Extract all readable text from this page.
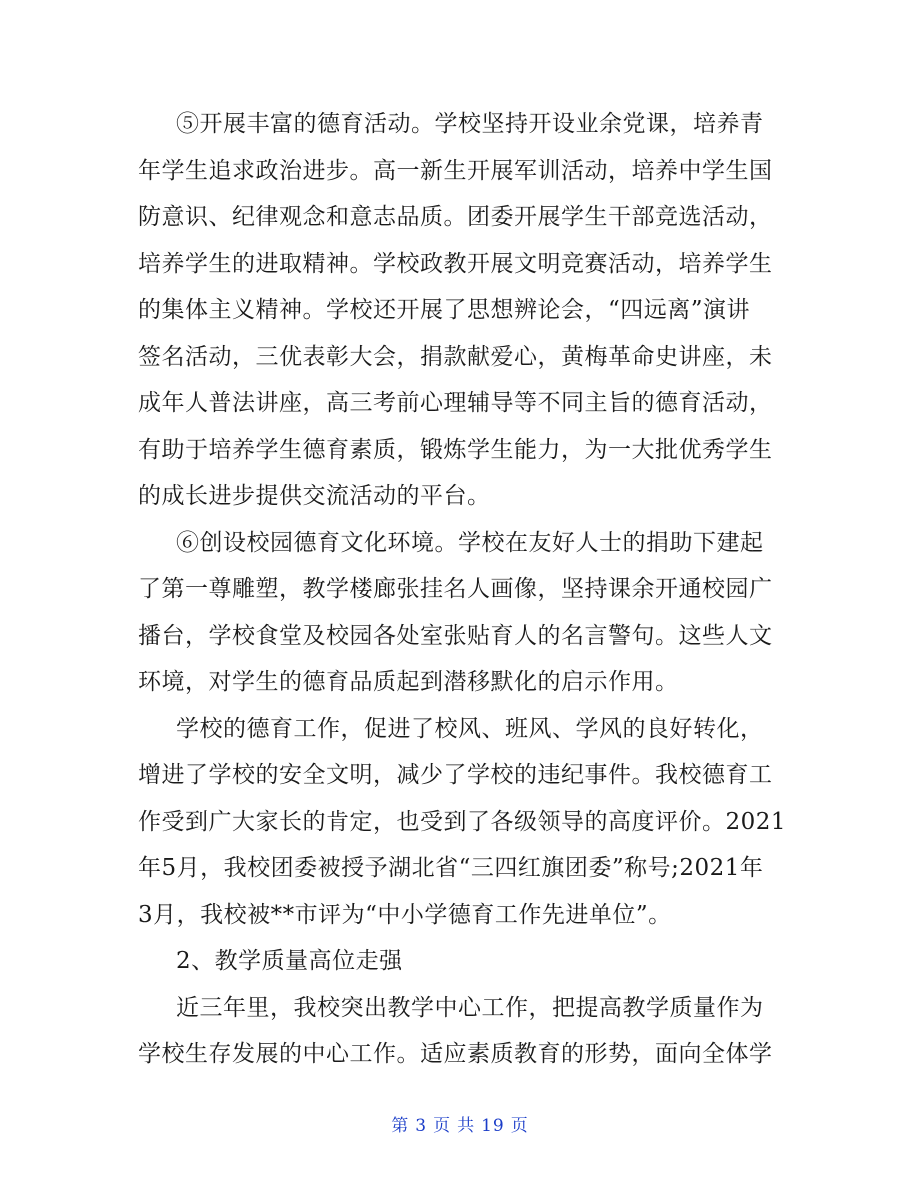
⑤开展丰富的德育活动。学校坚持开设业余党课，培养青
年学生追求政治进步。高一新生开展军训活动，培养中学生国
防意识、纪律观念和意志品质。团委开展学生干部竞选活动，
培养学生的进取精神。学校政教开展文明竞赛活动，培养学生
的集体主义精神。学校还开展了思想辨论会，“四远离”演讲
签名活动，三优表彰大会，捐款献爱心，黄梅革命史讲座，未
成年人普法讲座，高三考前心理辅导等不同主旨的德育活动，
有助于培养学生德育素质，锻炼学生能力，为一大批优秀学生
的成长进步提供交流活动的平台。
⑥创设校园德育文化环境。学校在友好人士的捐助下建起
了第一尊雕塑，教学楼廊张挂名人画像，坚持课余开通校园广
播台，学校食堂及校园各处室张贴育人的名言警句。这些人文
环境，对学生的德育品质起到潜移默化的启示作用。
学校的德育工作，促进了校风、班风、学风的良好转化，
增进了学校的安全文明，减少了学校的违纪事件。我校德育工
作受到广大家长的肯定，也受到了各级领导的高度评价。2021
年5月，我校团委被授予湖北省“三四红旗团委”称号;2021年
3月，我校被**市评为“中小学德育工作先进单位”。
2、教学质量高位走强
近三年里，我校突出教学中心工作，把提高教学质量作为
学校生存发展的中心工作。适应素质教育的形势，面向全体学
第 3 页 共 19 页
